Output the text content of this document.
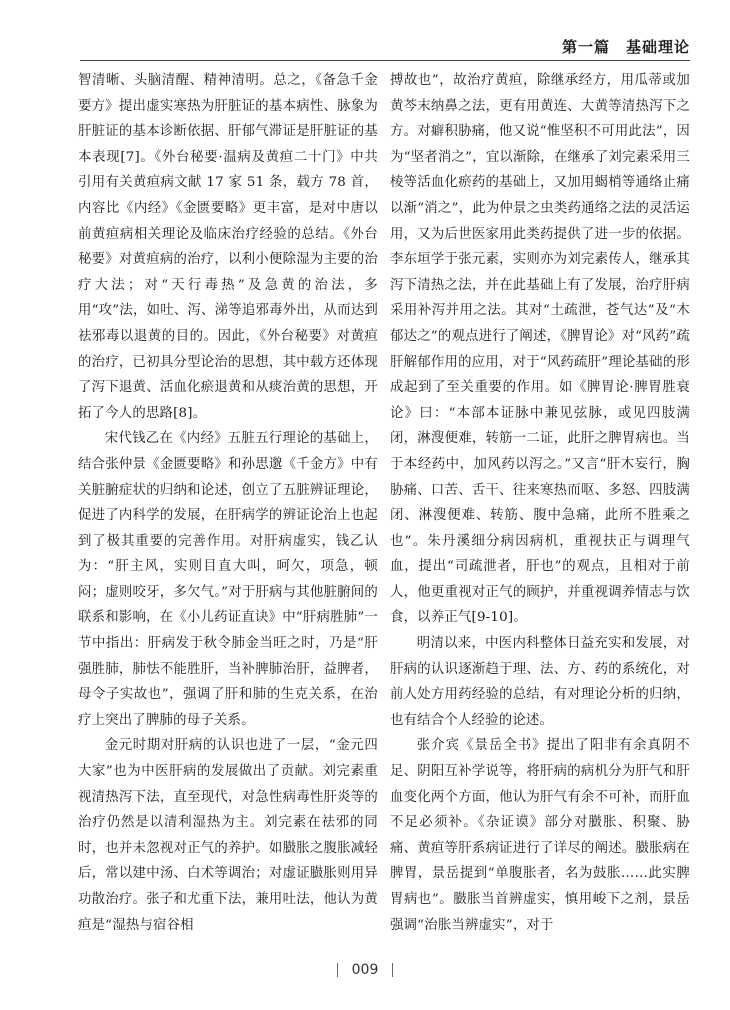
第一篇　基础理论

智清晰、头脑清醒、精神清明。总之，《备急千金要方》提出虚实寒热为肝脏证的基本病性、脉象为肝脏证的基本诊断依据、肝郁气滞证是肝脏证的基本表现[7]。《外台秘要·温病及黄疸二十门》中共引用有关黄疸病文献 17 家 51 条，载方 78 首，内容比《内经》《金匮要略》更丰富，是对中唐以前黄疸病相关理论及临床治疗经验的总结。《外台秘要》对黄疸病的治疗，以利小便除湿为主要的治疗大法；对“天行毒热”及急黄的治法，多用“攻”法，如吐、泻、涕等追邪毒外出，从而达到祛邪毒以退黄的目的。因此，《外台秘要》对黄疸的治疗，已初具分型论治的思想，其中载方还体现了泻下退黄、活血化瘀退黄和从痰治黄的思想，开拓了今人的思路[8]。

宋代钱乙在《内经》五脏五行理论的基础上，结合张仲景《金匮要略》和孙思邈《千金方》中有关脏腑症状的归纳和论述，创立了五脏辨证理论，促进了内科学的发展，在肝病学的辨证论治上也起到了极其重要的完善作用。对肝病虚实，钱乙认为：“肝主风，实则目直大叫，呵欠，项急，顿闷；虚则咬牙，多欠气。”对于肝病与其他脏腑间的联系和影响，在《小儿药证直诀》中“肝病胜肺”一节中指出：肝病发于秋令肺金当旺之时，乃是“肝强胜肺，肺怯不能胜肝，当补脾肺治肝，益脾者，母令子实故也”，强调了肝和肺的生克关系，在治疗上突出了脾肺的母子关系。

金元时期对肝病的认识也进了一层，“金元四大家”也为中医肝病的发展做出了贡献。刘完素重视清热泻下法，直至现代，对急性病毒性肝炎等的治疗仍然是以清利湿热为主。刘完素在祛邪的同时，也并未忽视对正气的养护。如臌胀之腹胀减轻后，常以建中汤、白术等调治；对虚证臌胀则用异功散治疗。张子和尤重下法，兼用吐法，他认为黄疸是“湿热与宿谷相

搏故也”，故治疗黄疸，除继承经方，用瓜蒂或加黄芩末纳鼻之法，更有用黄连、大黄等清热泻下之方。对癖积胁痛，他又说“惟坚积不可用此法”，因为“坚者消之”，宜以渐除，在继承了刘完素采用三棱等活血化瘀药的基础上，又加用蝎梢等通络止痛以渐“消之”，此为仲景之虫类药通络之法的灵活运用，又为后世医家用此类药提供了进一步的依据。李东垣学于张元素，实则亦为刘完素传人，继承其泻下清热之法，并在此基础上有了发展，治疗肝病采用补泻并用之法。其对“土疏泄，苍气达”及“木郁达之”的观点进行了阐述，《脾胃论》对“风药”疏肝解郁作用的应用，对于“风药疏肝”理论基础的形成起到了至关重要的作用。如《脾胃论·脾胃胜衰论》曰：“本部本证脉中兼见弦脉，或见四肢满闭，淋溲便难，转筋一二证，此肝之脾胃病也。当于本经药中，加风药以泻之。”又言“肝木妄行，胸胁痛、口苦、舌干、往来寒热而呕、多怒、四肢满闭、淋溲便难、转筋、腹中急痛，此所不胜乘之也”。朱丹溪细分病因病机，重视扶正与调理气血，提出“司疏泄者，肝也”的观点，且相对于前人，他更重视对正气的顾护，并重视调养情志与饮食，以养正气[9-10]。

明清以来，中医内科整体日益充实和发展，对肝病的认识逐渐趋于理、法、方、药的系统化，对前人处方用药经验的总结，有对理论分析的归纳，也有结合个人经验的论述。

张介宾《景岳全书》提出了阳非有余真阴不足、阴阳互补学说等，将肝病的病机分为肝气和肝血变化两个方面，他认为肝气有余不可补，而肝血不足必须补。《杂证谟》部分对臌胀、积聚、胁痛、黄疸等肝系病证进行了详尽的阐述。臌胀病在脾胃，景岳提到“单腹胀者，名为鼓胀……此实脾胃病也”。臌胀当首辨虚实，慎用峻下之剂，景岳强调“治胀当辨虚实”，对于

009
